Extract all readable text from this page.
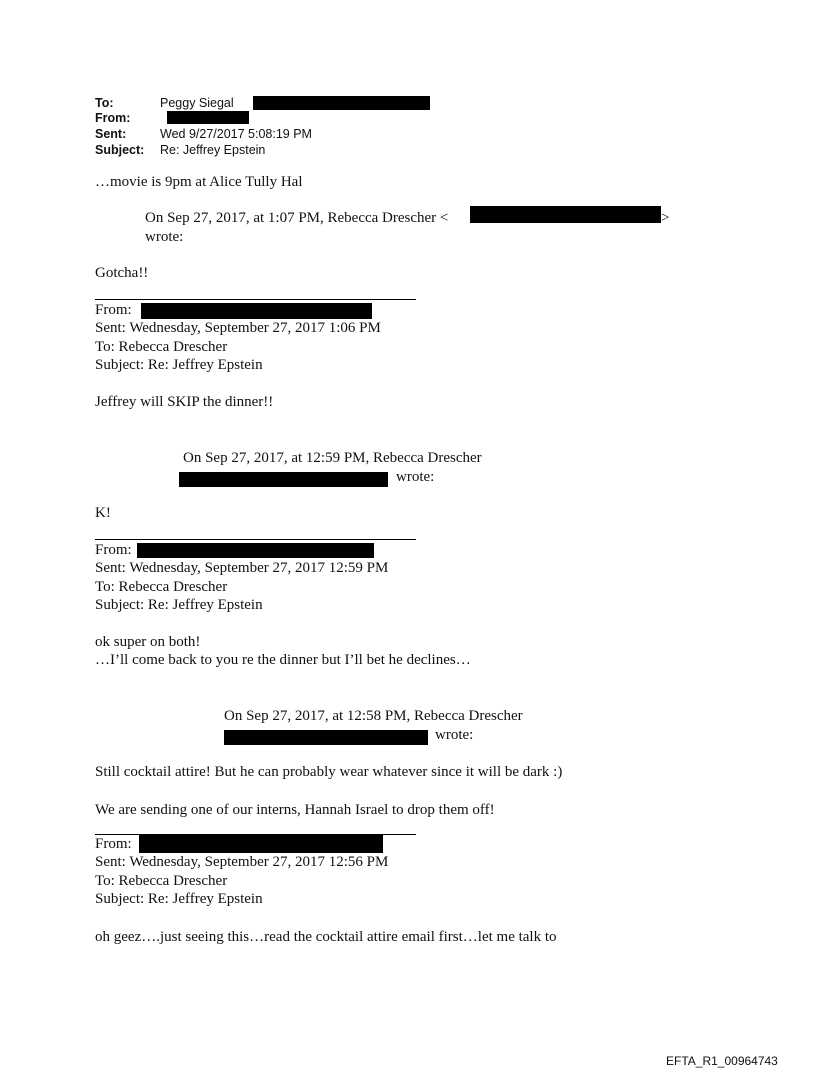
To:	Peggy Siegal
From:
Sent:	Wed 9/27/2017 5:08:19 PM
Subject: Re: Jeffrey Epstein
…movie is 9pm at Alice Tully Hal
On Sep 27, 2017, at 1:07 PM, Rebecca Drescher <	>
wrote:
Gotcha!!
From:
Sent: Wednesday, September 27, 2017 1:06 PM
To: Rebecca Drescher
Subject: Re: Jeffrey Epstein
Jeffrey will SKIP the dinner!!
On Sep 27, 2017, at 12:59 PM, Rebecca Drescher
wrote:
K!
From:
Sent: Wednesday, September 27, 2017 12:59 PM
To: Rebecca Drescher
Subject: Re: Jeffrey Epstein
ok super on both!
…I’ll come back to you re the dinner but I’ll bet he declines…
On Sep 27, 2017, at 12:58 PM, Rebecca Drescher
wrote:
Still cocktail attire! But he can probably wear whatever since it will be dark :)
We are sending one of our interns, Hannah Israel to drop them off!
From:
Sent: Wednesday, September 27, 2017 12:56 PM
To: Rebecca Drescher
Subject: Re: Jeffrey Epstein
oh geez….just seeing this…read the cocktail attire email first…let me talk to
EFTA_R1_00964743
